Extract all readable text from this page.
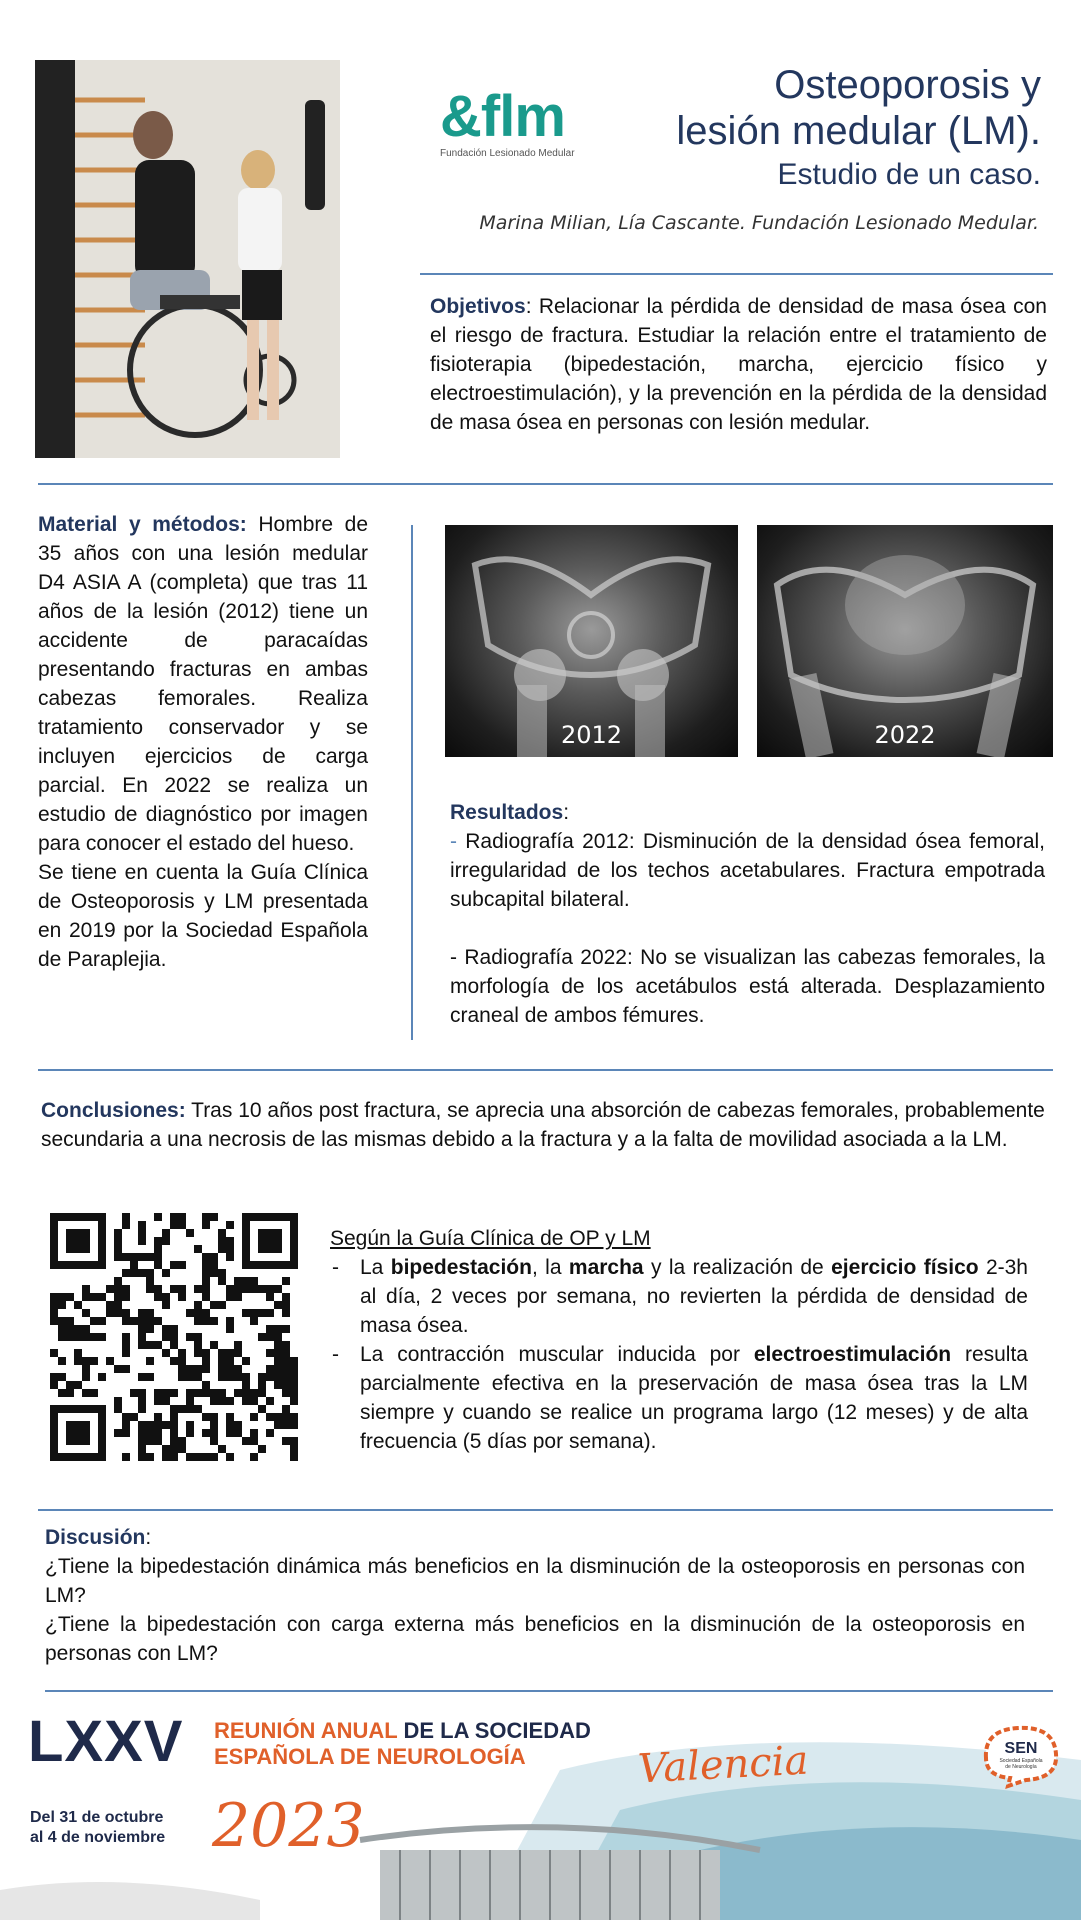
&flm
Fundación Lesionado Medular
Osteoporosis y
lesión medular (LM).
Estudio de un caso.
Marina Milian, Lía Cascante. Fundación Lesionado Medular.
Objetivos: Relacionar la pérdida de densidad de masa ósea con el riesgo de fractura. Estudiar la relación entre el tratamiento de fisioterapia (bipedestación, marcha, ejercicio físico y electroestimulación), y la prevención en la pérdida de la densidad de masa ósea en personas con lesión medular.

Material y métodos: Hombre de 35 años con una lesión medular D4 ASIA A (completa) que tras 11 años de la lesión (2012) tiene un accidente de paracaídas presentando fracturas en ambas cabezas femorales. Realiza tratamiento conservador y se incluyen ejercicios de carga parcial. En 2022 se realiza un estudio de diagnóstico por imagen para conocer el estado del hueso.

Se tiene en cuenta la Guía Clínica de Osteoporosis y LM presentada en 2019 por la Sociedad Española de Paraplejia.

2012	2022

Resultados:

- Radiografía 2012: Disminución de la densidad ósea femoral, irregularidad de los techos acetabulares. Fractura empotrada subcapital bilateral.

- Radiografía 2022: No se visualizan las cabezas femorales, la morfología de los acetábulos está alterada. Desplazamiento craneal de ambos fémures.

Conclusiones: Tras 10 años post fractura, se aprecia una absorción de cabezas femorales, probablemente secundaria a una necrosis de las mismas debido a la fractura y a la falta de movilidad asociada a la LM.

Según la Guía Clínica de OP y LM

- La bipedestación, la marcha y la realización de ejercicio físico 2-3h al día, 2 veces por semana, no revierten la pérdida de densidad de masa ósea.
- La contracción muscular inducida por electroestimulación resulta parcialmente efectiva en la preservación de masa ósea tras la LM siempre y cuando se realice un programa largo (12 meses) y de alta frecuencia (5 días por semana).

Discusión:

¿Tiene la bipedestación dinámica más beneficios en la disminución de la osteoporosis en personas con LM?

¿Tiene la bipedestación con carga externa más beneficios en la disminución de la osteoporosis en personas con LM?

LXXV REUNIÓN ANUAL DE LA SOCIEDAD
ESPAÑOLA DE NEUROLOGÍA	Valencia
Del 31 de octubre
al 4 de noviembre 2023
SEN
Sociedad Española de Neurología
